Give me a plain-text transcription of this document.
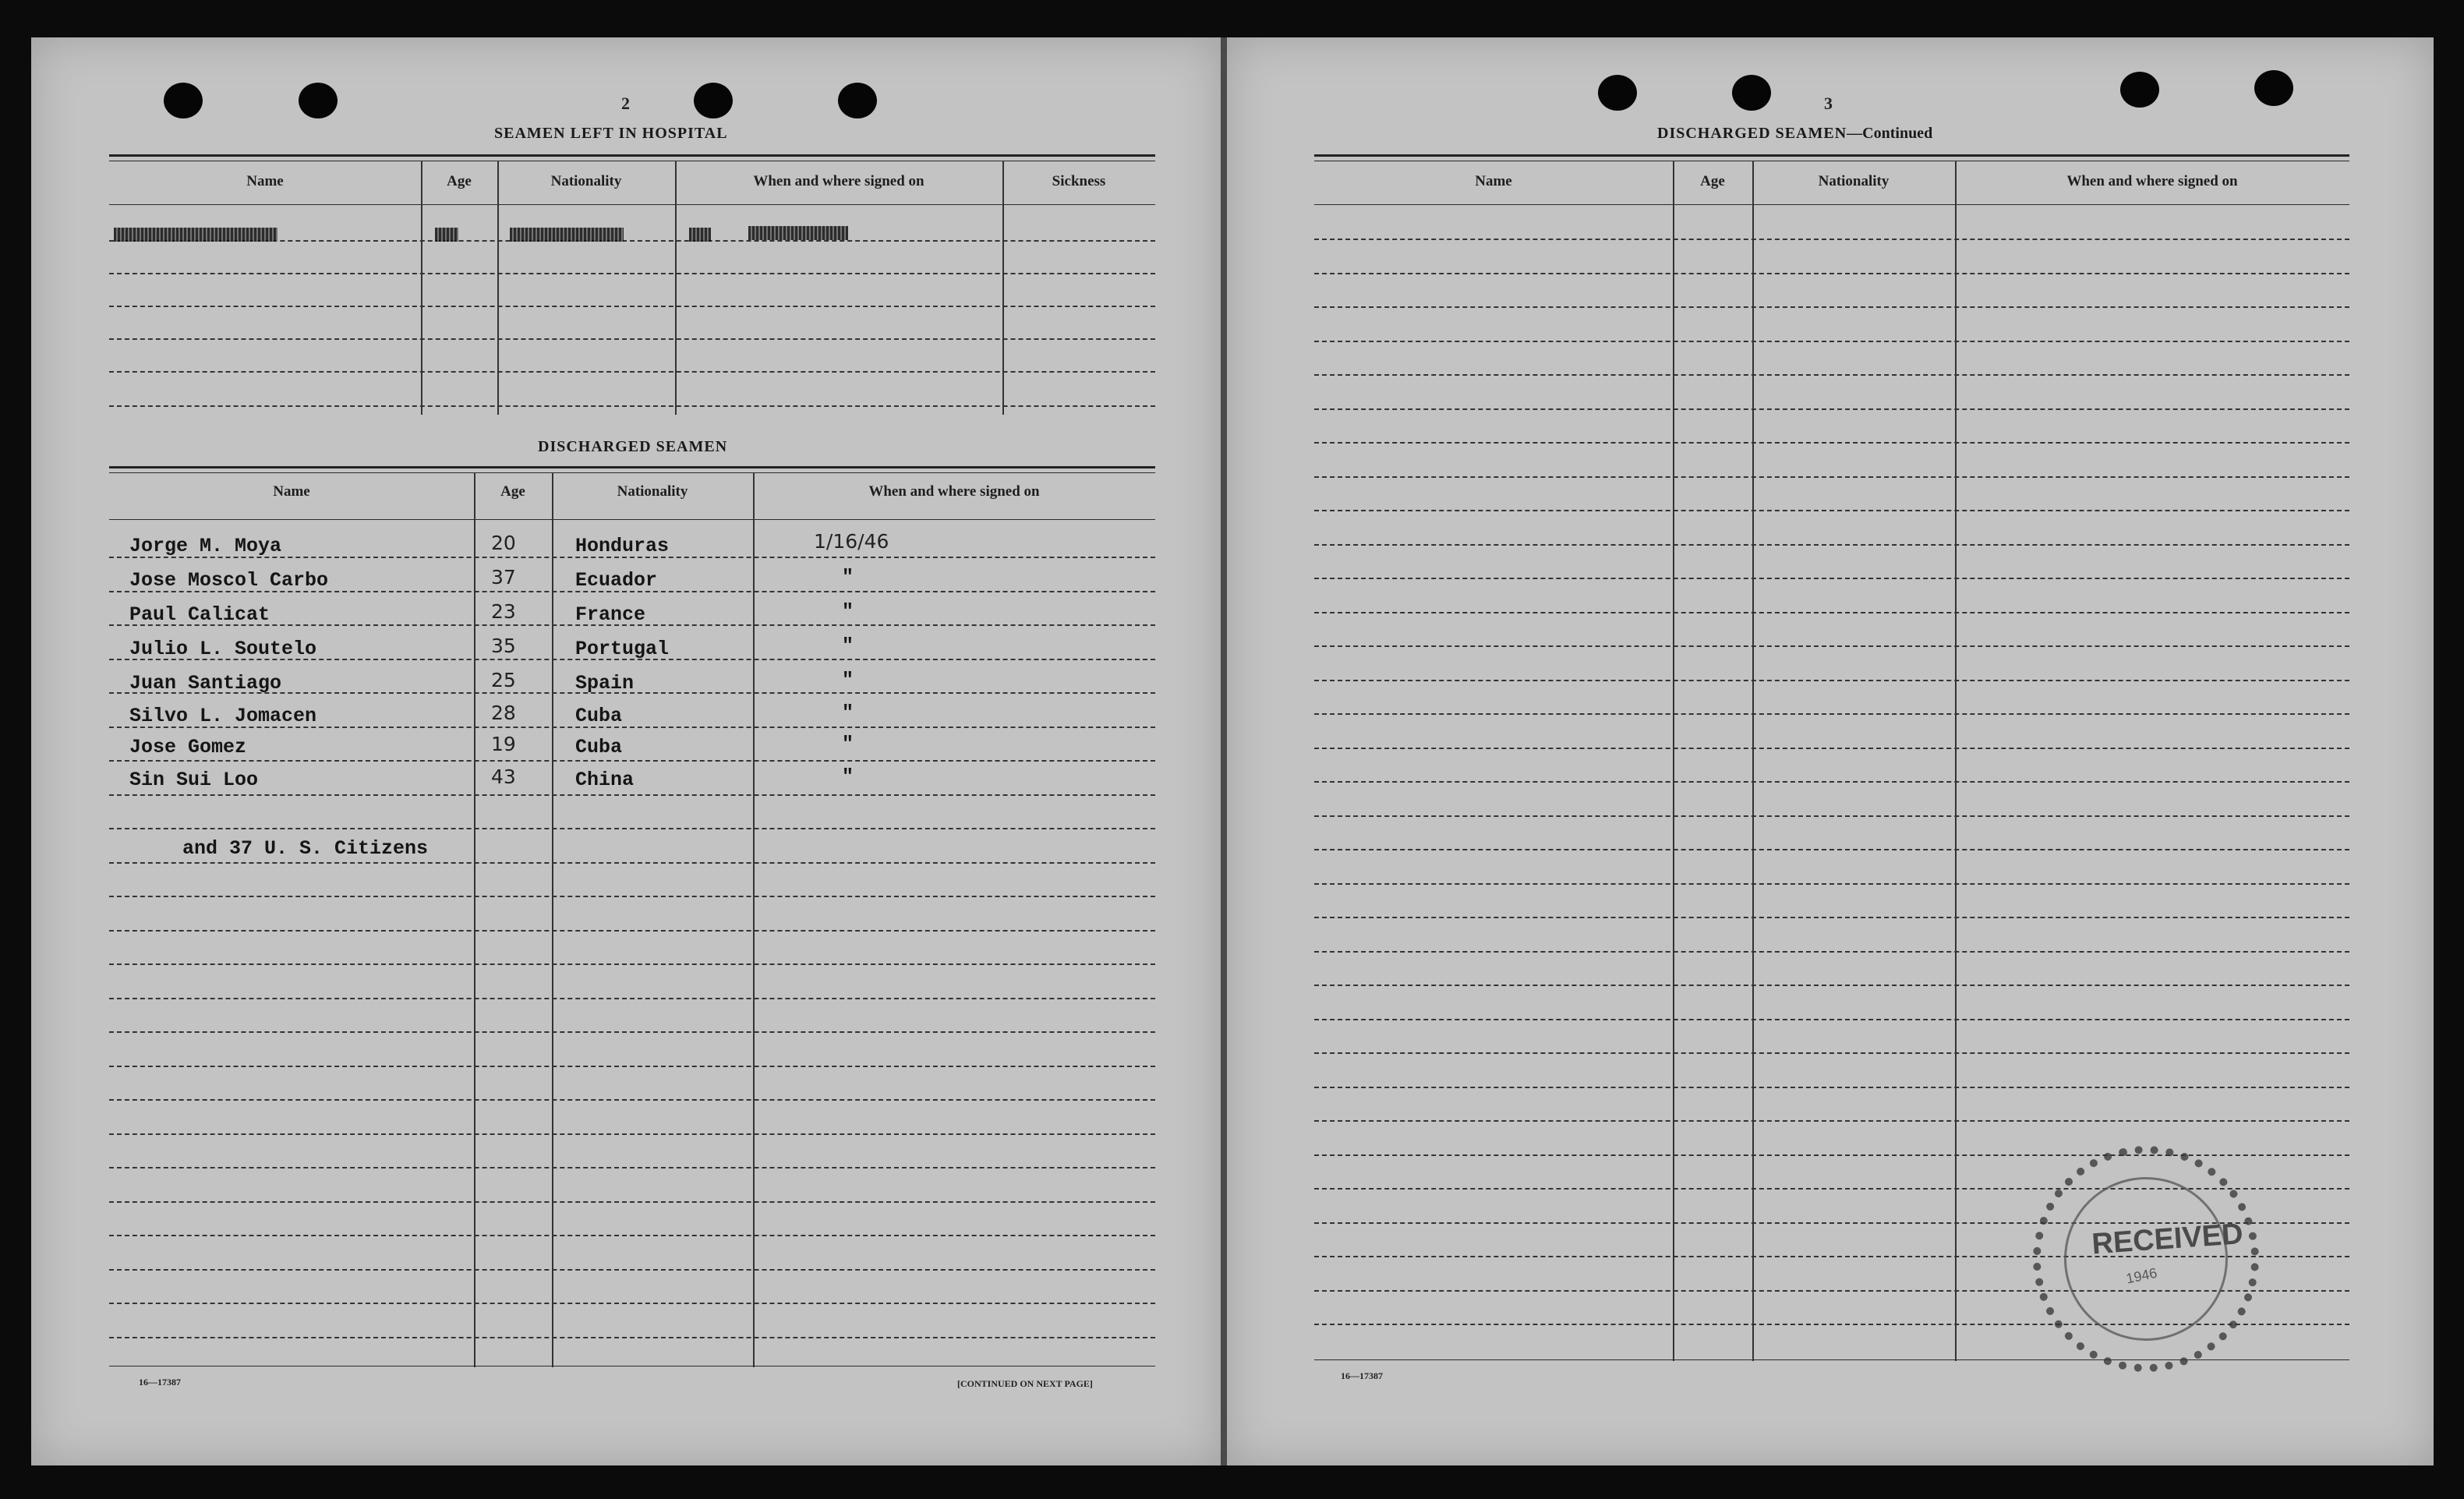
2
SEAMEN LEFT IN HOSPITAL
Name	Age	Nationality	When and where signed on	Sickness
DISCHARGED SEAMEN
Name	Age	Nationality	When and where signed on
Jorge M. Moya	20	Honduras	1/16/46
Jose Moscol Carbo	37	Ecuador	"
Paul Calicat	23	France	"
Julio L. Soutelo	35	Portugal	"
Juan Santiago	25	Spain	"
Silvo L. Jomacen	28	Cuba	"
Jose Gomez	19	Cuba	"
Sin Sui Loo	43	China	"
and 37 U. S. Citizens
16—17387	[CONTINUED ON NEXT PAGE]
3
DISCHARGED SEAMEN—Continued
Name	Age	Nationality	When and where signed on
16—17387
RECEIVED
1946
